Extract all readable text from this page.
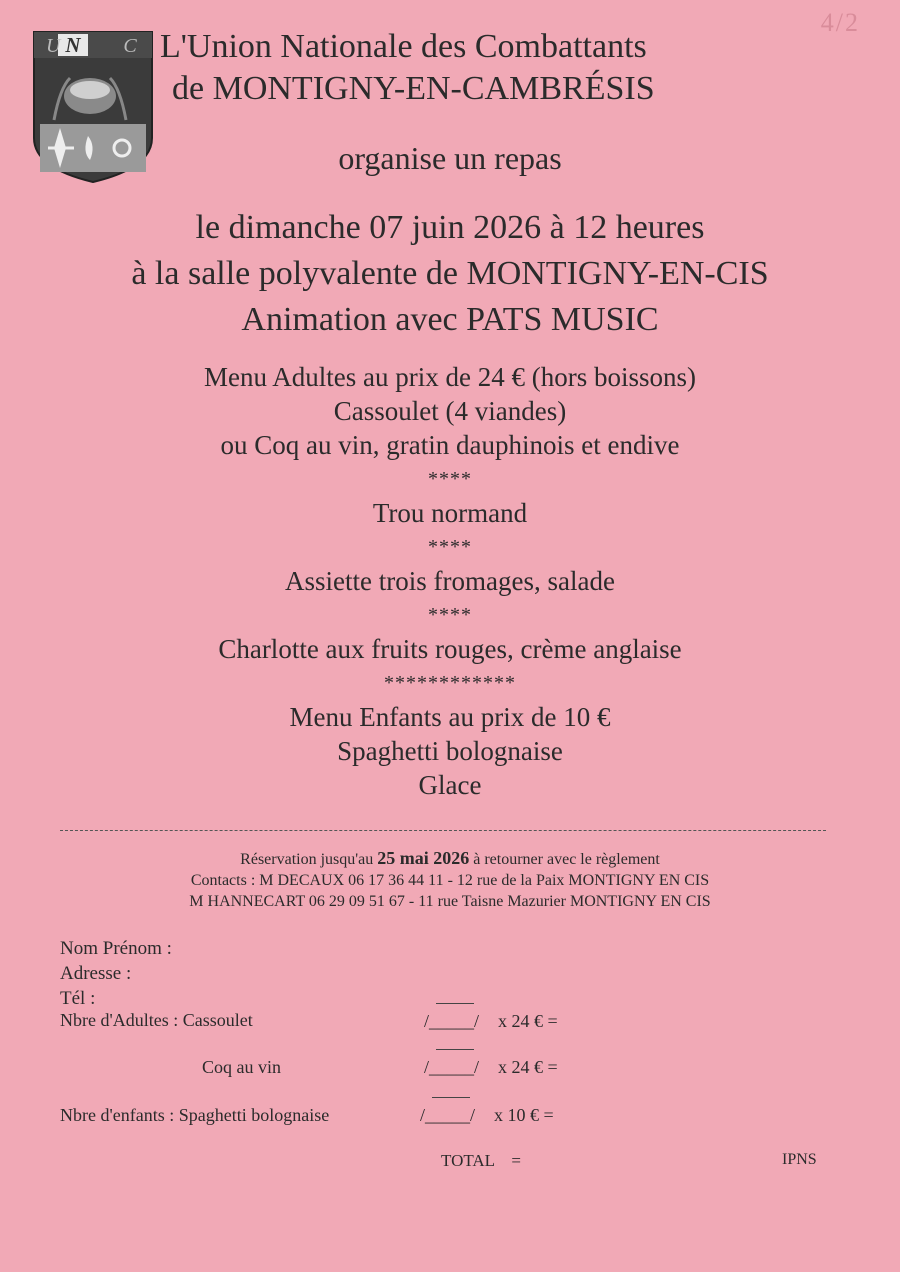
4/2
U N C L'Union Nationale des Combattants
de MONTIGNY-EN-CAMBRÉSIS
organise un repas
le dimanche 07 juin 2026 à 12 heures
à la salle polyvalente de MONTIGNY-EN-CIS
Animation avec PATS MUSIC
Menu Adultes au prix de 24 € (hors boissons)
Cassoulet (4 viandes)
ou Coq au vin, gratin dauphinois et endive
****
Trou normand
****
Assiette trois fromages, salade
****
Charlotte aux fruits rouges, crème anglaise
************
Menu Enfants au prix de 10 €
Spaghetti bolognaise
Glace
Réservation jusqu'au 25 mai 2026 à retourner avec le règlement
Contacts : M DECAUX 06 17 36 44 11 - 12 rue de la Paix MONTIGNY EN CIS
M HANNECART 06 29 09 51 67 - 11 rue Taisne Mazurier MONTIGNY EN CIS
Nom Prénom :
Adresse :
Tél :
Nbre d'Adultes : Cassoulet	/_____/ x 24 € =
Coq au vin	/_____/ x 24 € =
Nbre d'enfants : Spaghetti bolognaise	/_____/ x 10 € =
TOTAL    =	IPNS
